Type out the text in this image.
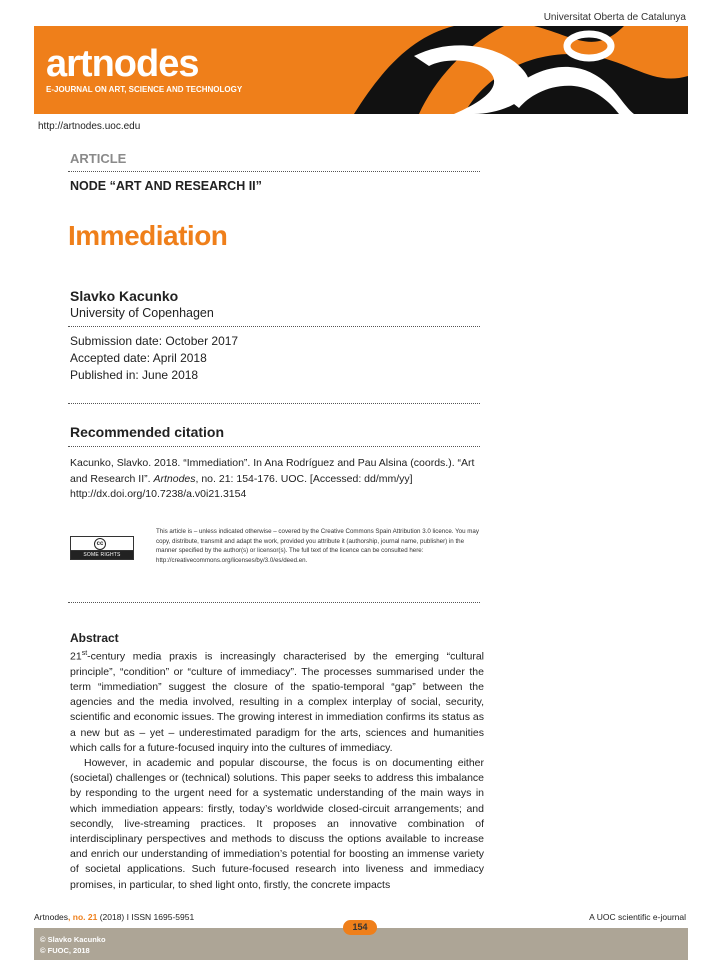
Universitat Oberta de Catalunya
artnodes
E-JOURNAL ON ART, SCIENCE AND TECHNOLOGY
http://artnodes.uoc.edu
ARTICLE
NODE “ART AND RESEARCH II”
Immediation
Slavko Kacunko
University of Copenhagen
Submission date: October 2017
Accepted date: April 2018
Published in: June 2018
Recommended citation
Kacunko, Slavko. 2018. “Immediation”. In Ana Rodríguez and Pau Alsina (coords.). “Art and Research II”. Artnodes, no. 21: 154-176. UOC. [Accessed: dd/mm/yy]
http://dx.doi.org/10.7238/a.v0i21.3154
cc
SOME RIGHTS RESERVED
This article is – unless indicated otherwise – covered by the Creative Commons Spain Attribution 3.0 licence. You may copy, distribute, transmit and adapt the work, provided you attribute it (authorship, journal name, publisher) in the manner specified by the author(s) or licensor(s). The full text of the licence can be consulted here: http://creativecommons.org/licenses/by/3.0/es/deed.en.
Abstract

21st-century media praxis is increasingly characterised by the emerging “cultural principle”, “condition” or “culture of immediacy”. The processes summarised under the term “immediation” suggest the closure of the spatio-temporal “gap” between the agencies and the media involved, resulting in a complex interplay of social, security, scientific and economic issues. The growing interest in immediation confirms its status as a new but as – yet – underestimated paradigm for the arts, sciences and humanities which calls for a future-focused inquiry into the cultures of immediacy.

However, in academic and popular discourse, the focus is on documenting either (societal) challenges or (technical) solutions. This paper seeks to address this imbalance by responding to the urgent need for a systematic understanding of the main ways in which immediation appears: firstly, today’s worldwide closed-circuit arrangements; and secondly, live-streaming practices. It proposes an innovative combination of interdisciplinary perspectives and methods to discuss the options available to increase and enrich our understanding of immediation’s potential for boosting an immense variety of societal applications. Such future-focused research into liveness and immediacy promises, in particular, to shed light onto, firstly, the concrete impacts

Artnodes, no. 21 (2018) I ISSN 1695-5951	A UOC scientific e-journal
154
© Slavko Kacunko
© FUOC, 2018
